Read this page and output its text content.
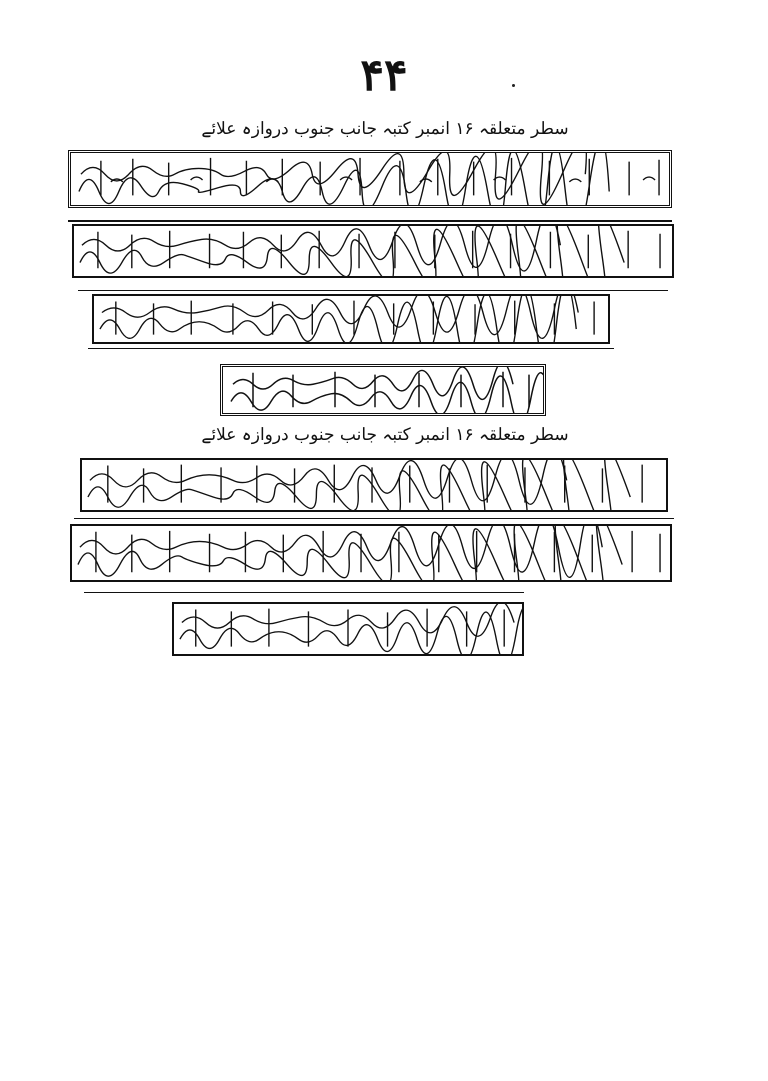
۴۴
سطر متعلقہ ۱۶ انمبر کتبہ جانب جنوب دروازہ علائے
سطر متعلقہ ۱۶ انمبر کتبہ جانب جنوب دروازہ علائے
